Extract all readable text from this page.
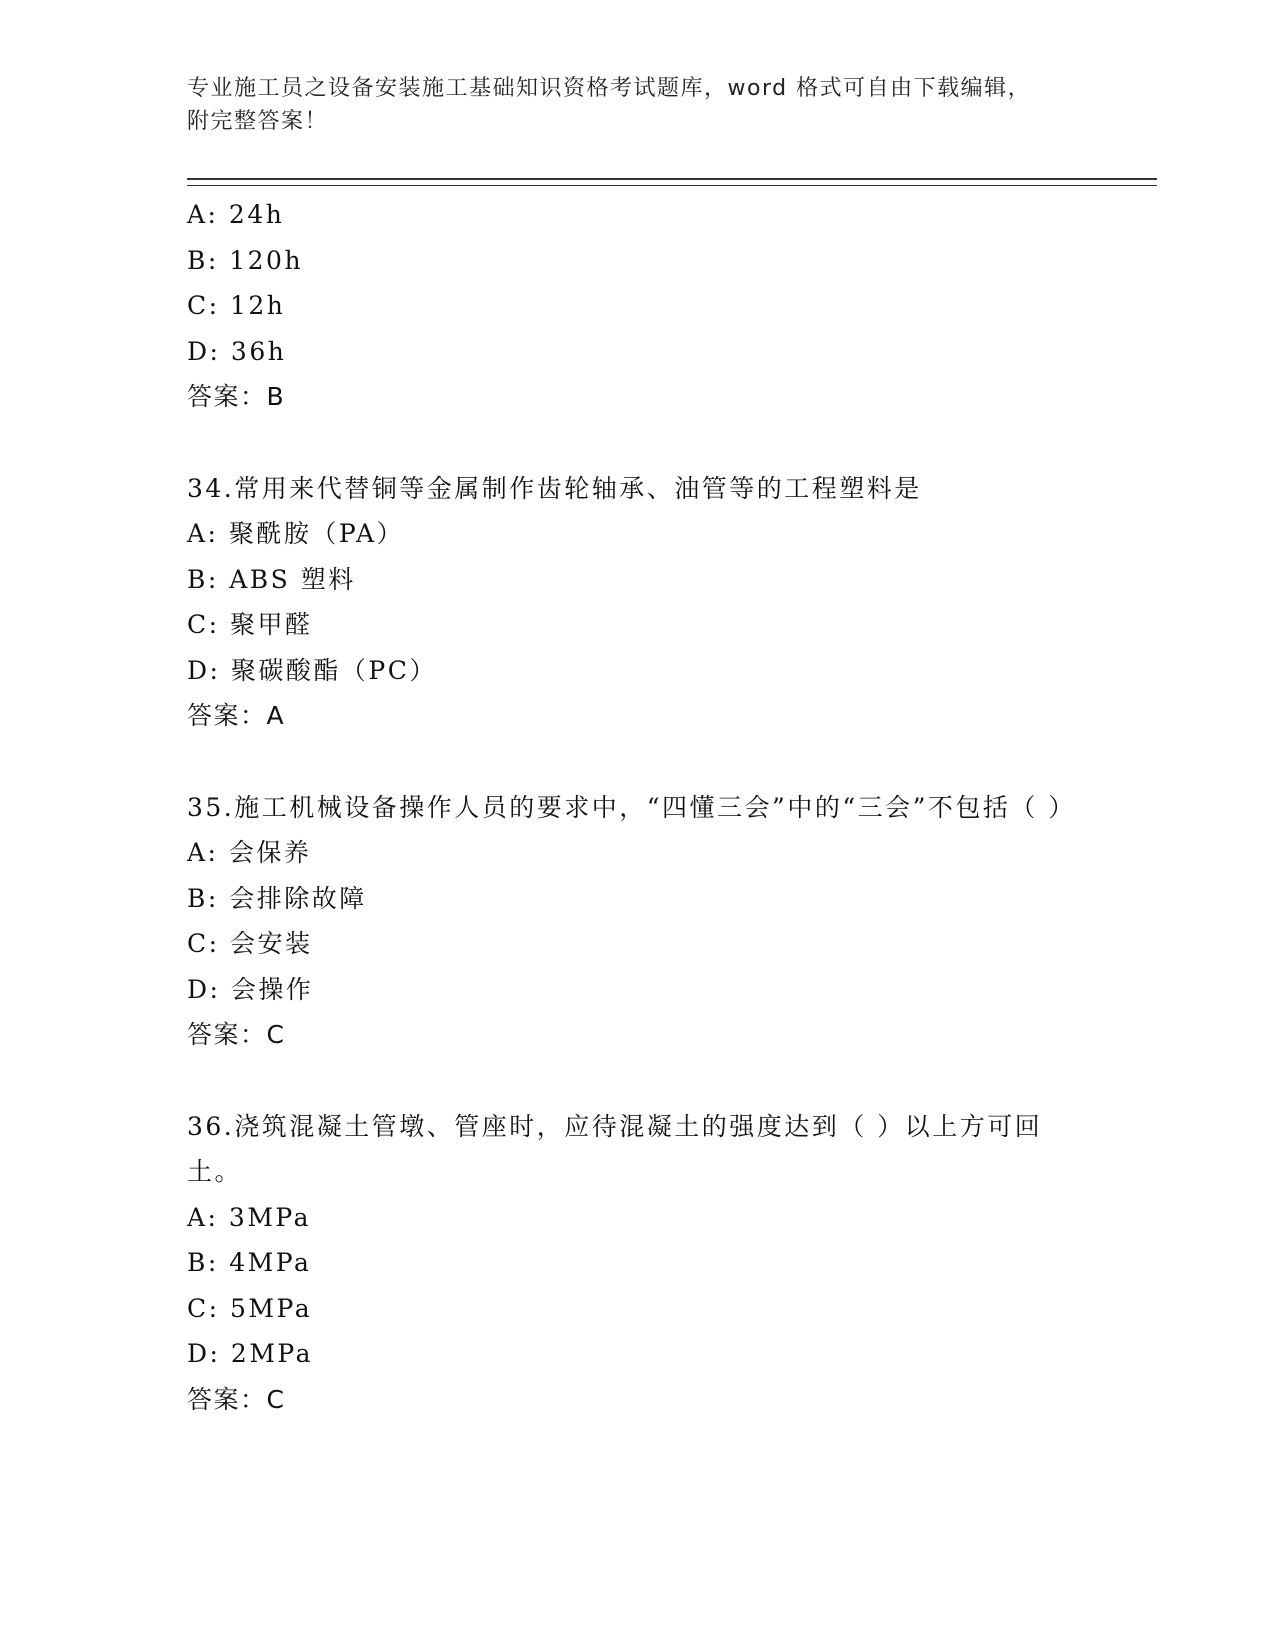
专业施工员之设备安装施工基础知识资格考试题库，word 格式可自由下载编辑，
附完整答案！
A: 24h
B: 120h
C: 12h
D: 36h
答案：B
34.常用来代替铜等金属制作齿轮轴承、油管等的工程塑料是
A: 聚酰胺（PA）
B: ABS 塑料
C: 聚甲醛
D: 聚碳酸酯（PC）
答案：A
35.施工机械设备操作人员的要求中，“四懂三会”中的“三会”不包括（ ）
A: 会保养
B: 会排除故障
C: 会安装
D: 会操作
答案：C
36.浇筑混凝土管墩、管座时，应待混凝土的强度达到（ ）以上方可回土。
A: 3MPa
B: 4MPa
C: 5MPa
D: 2MPa
答案：C
